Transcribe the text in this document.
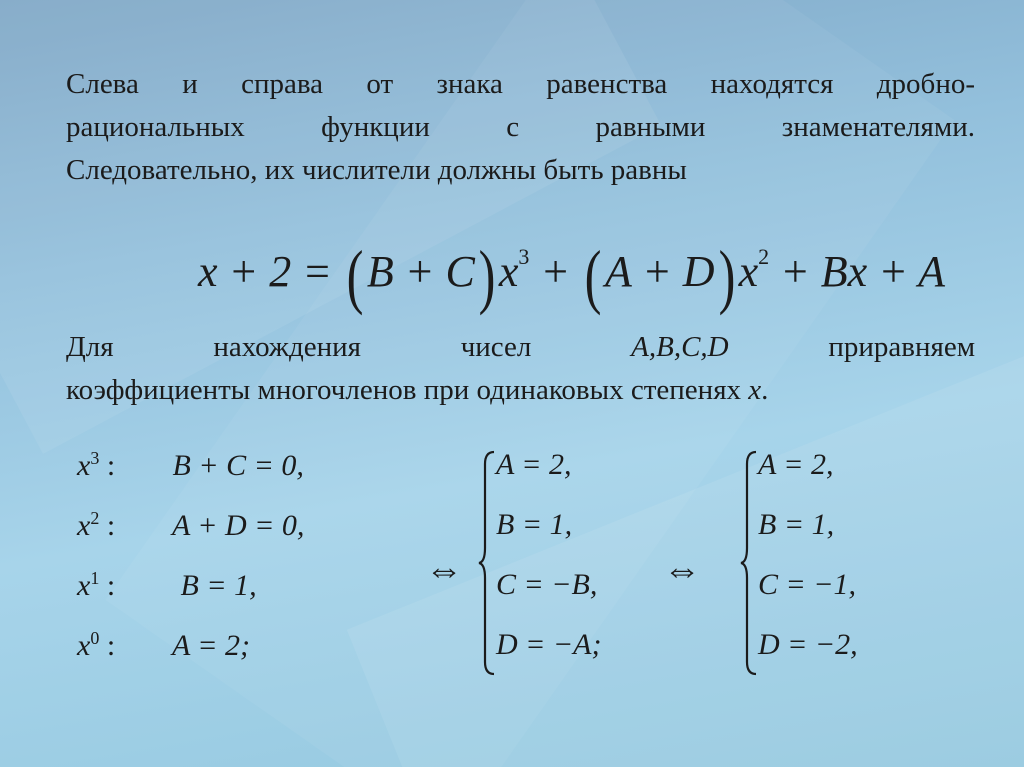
Слева и справа от знака равенства находятся дробно-
рациональных функции с равными знаменателями.
Следовательно, их числители должны быть равны
$x + 2 = (B + C)x^3 + (A + D)x^2 + Bx + A$
Для	нахождения	чисел	A,B,C,D	приравняем
коэффициенты многочленов при одинаковых степенях x.
$x^3$ : B + C = 0,
$x^2$ : A + D = 0,
$x^1$ : B = 1,
$x^0$ : A = 2;
⇔
A = 2,
B = 1,
C = −B,
D = −A;
⇔
A = 2,
B = 1,
C = −1,
D = −2,
